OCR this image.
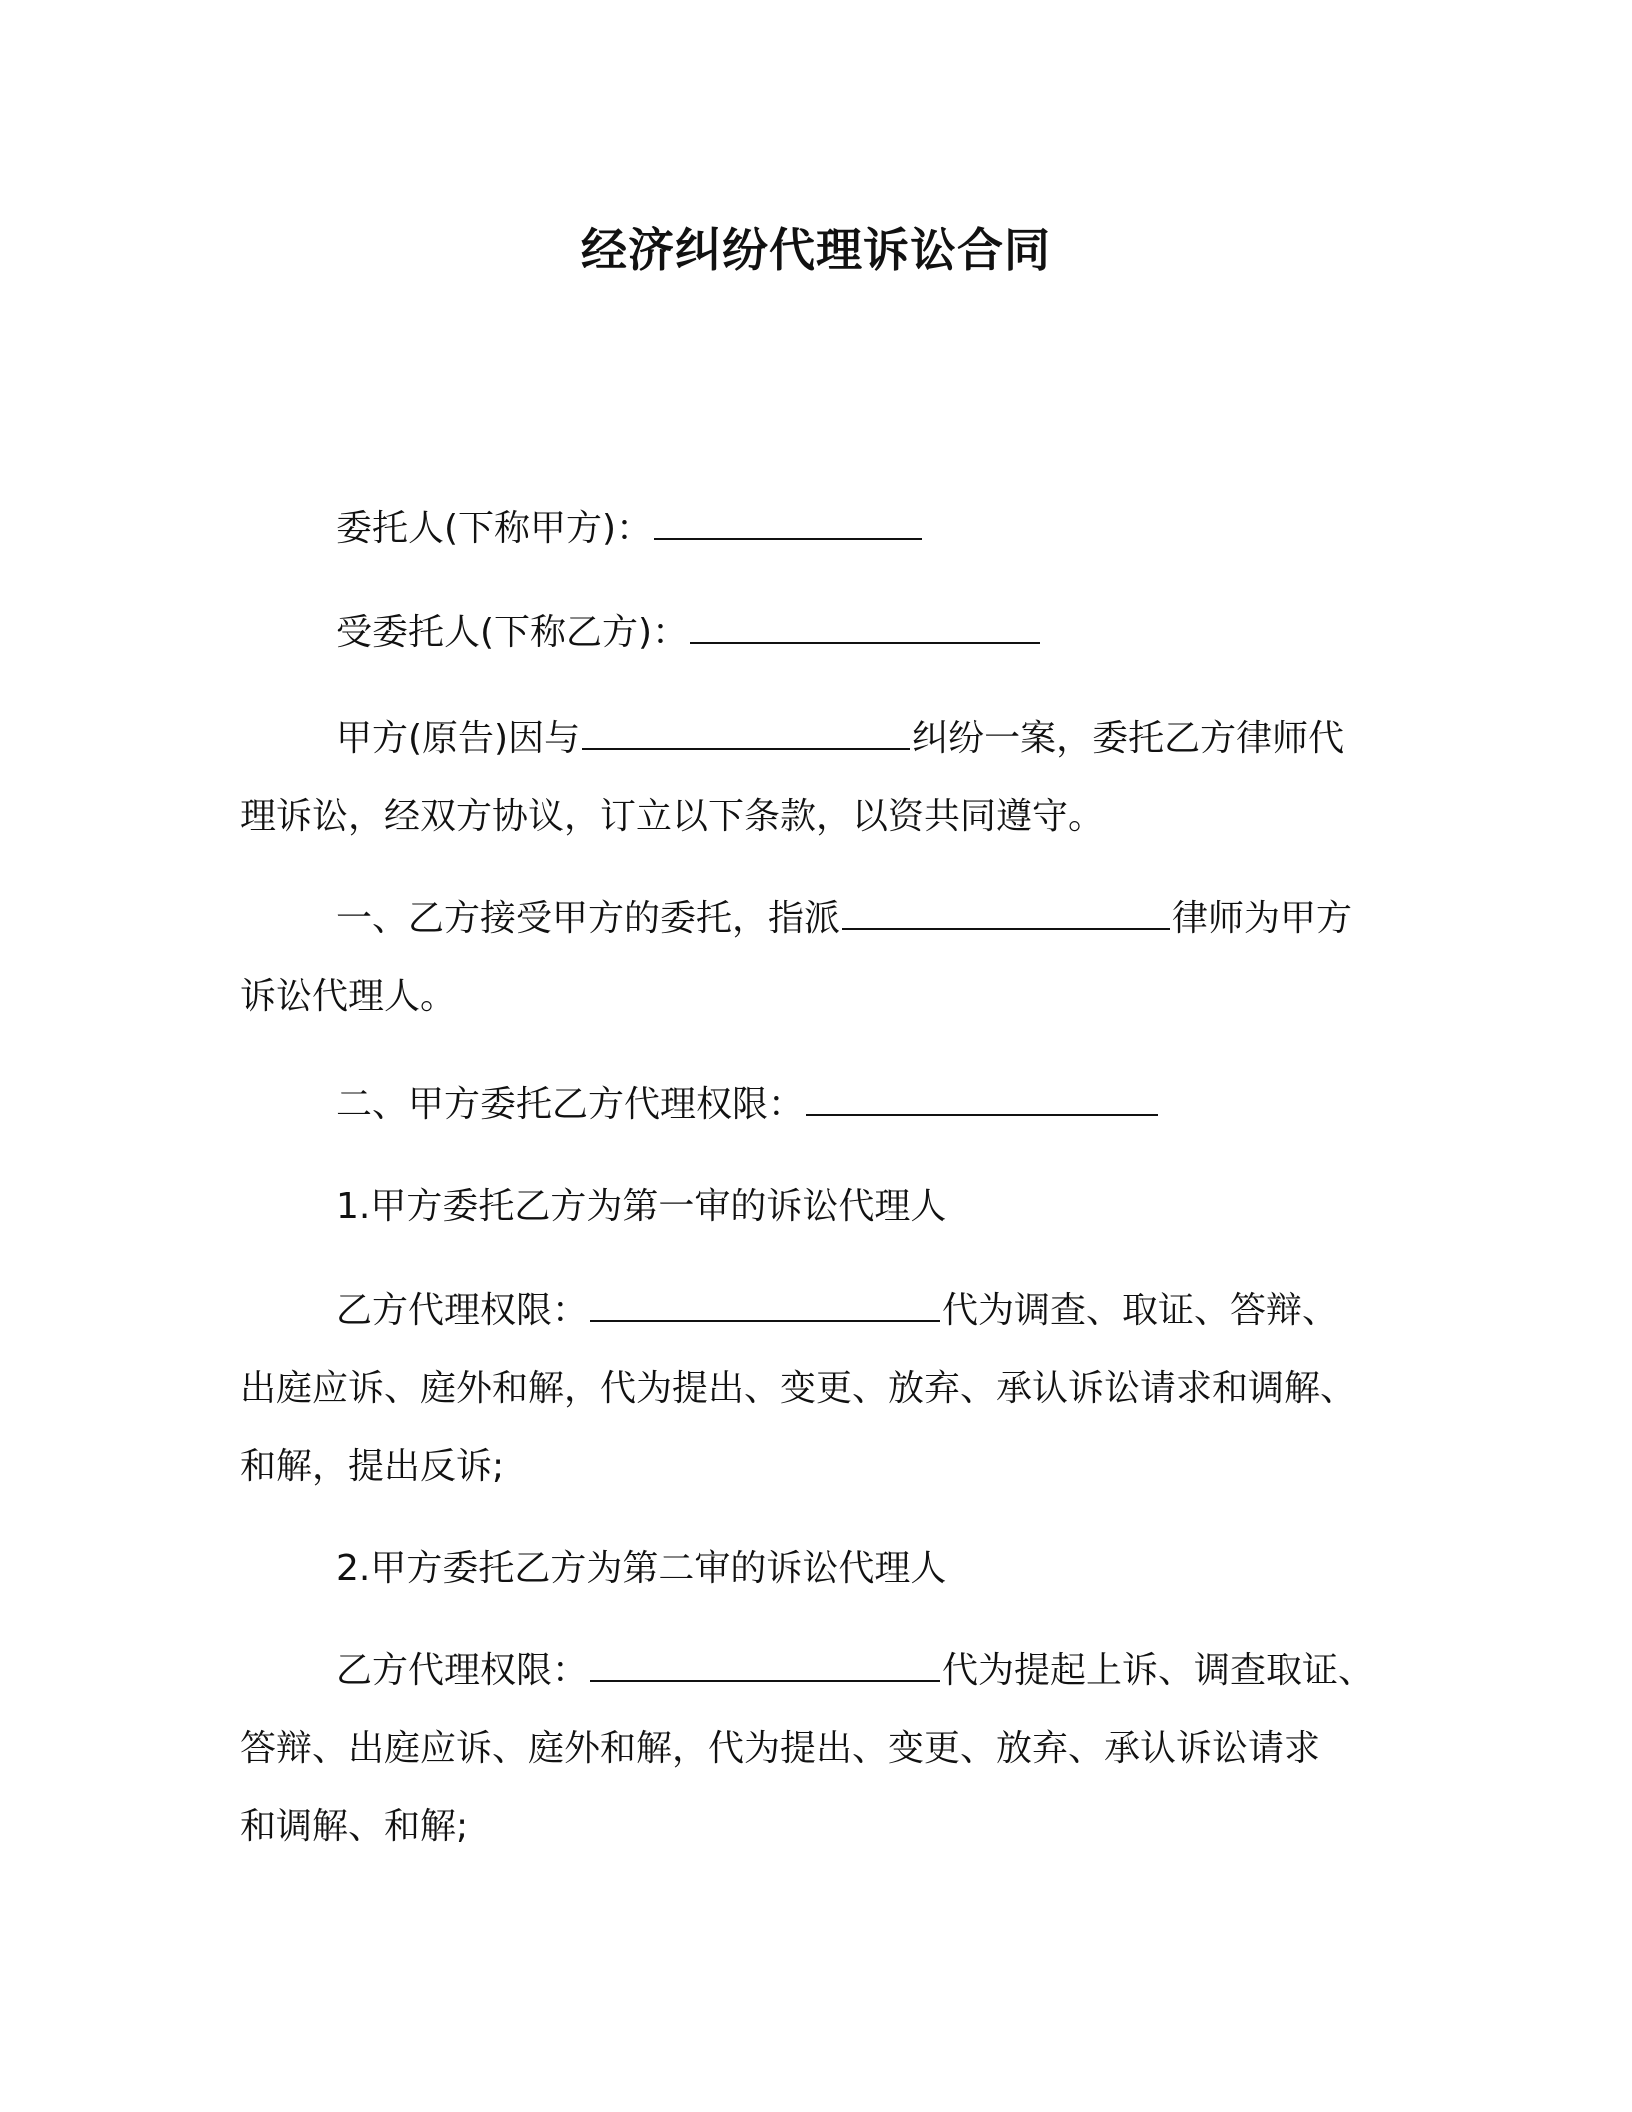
经济纠纷代理诉讼合同
委托人(下称甲方)：
受委托人(下称乙方)：
甲方(原告)因与	纠纷一案，委托乙方律师代
理诉讼，经双方协议，订立以下条款，以资共同遵守。
一、乙方接受甲方的委托，指派	律师为甲方
诉讼代理人。
二、甲方委托乙方代理权限：
1.甲方委托乙方为第一审的诉讼代理人
乙方代理权限：	代为调查、取证、答辩、
出庭应诉、庭外和解，代为提出、变更、放弃、承认诉讼请求和调解、
和解，提出反诉;
2.甲方委托乙方为第二审的诉讼代理人
乙方代理权限：	代为提起上诉、调查取证、
答辩、出庭应诉、庭外和解，代为提出、变更、放弃、承认诉讼请求
和调解、和解;
